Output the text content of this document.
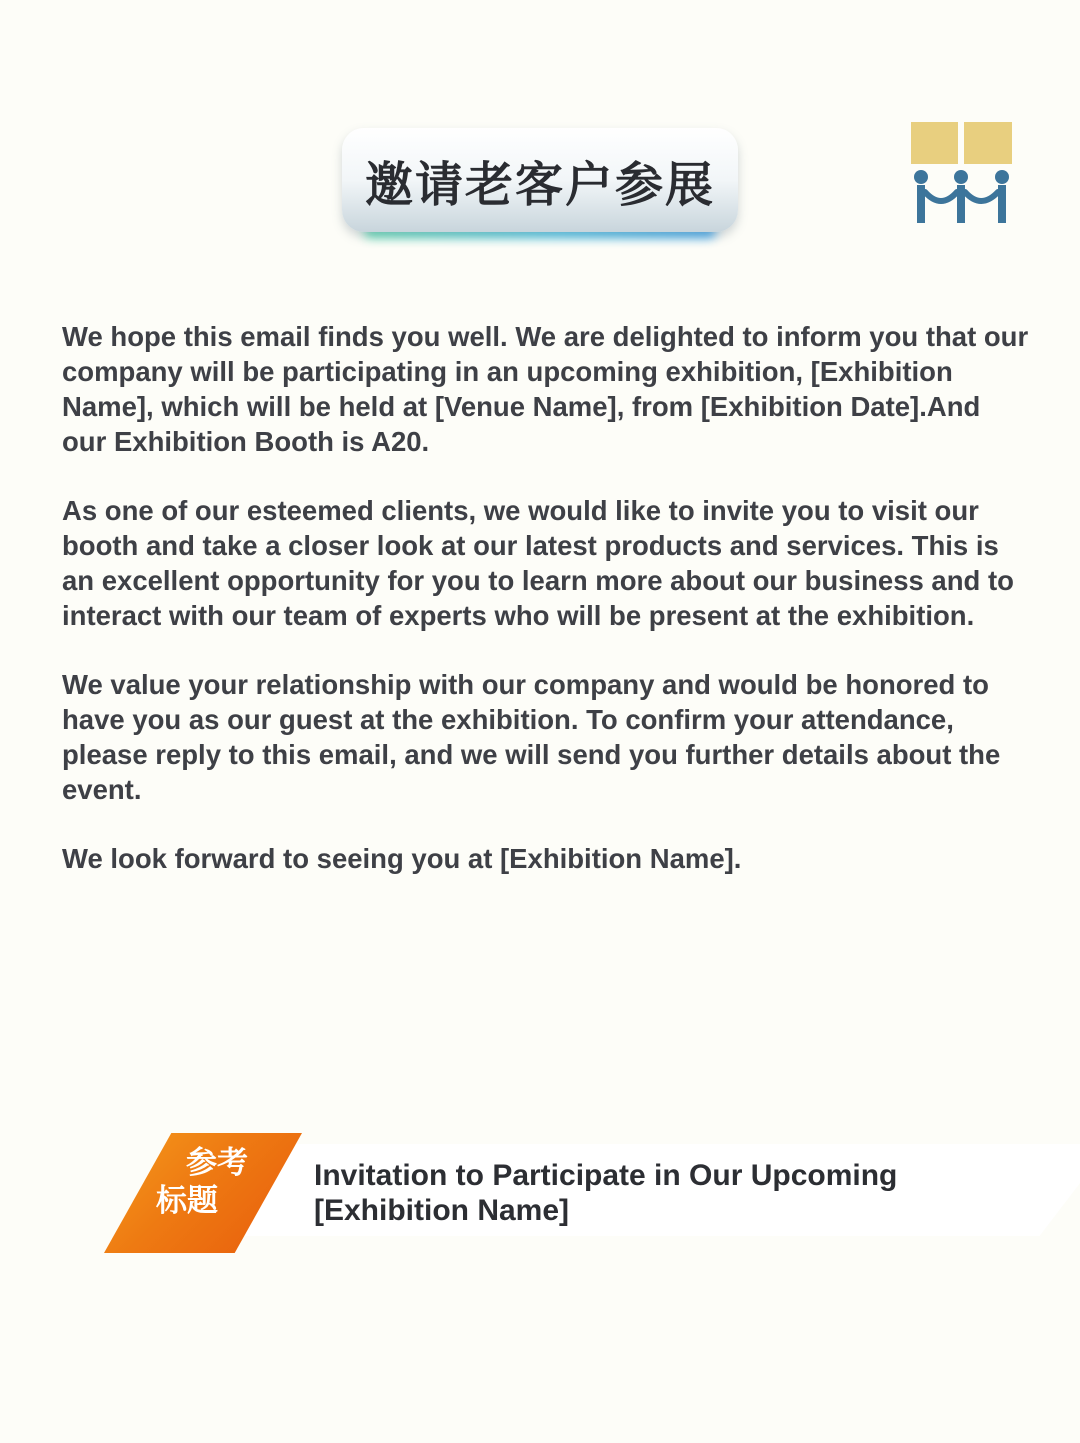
邀请老客户参展

We hope this email finds you well. We are delighted to inform you that our company will be participating in an upcoming exhibition, [Exhibition Name], which will be held at [Venue Name], from [Exhibition Date].And our Exhibition Booth is A20.

As one of our esteemed clients, we would like to invite you to visit our booth and take a closer look at our latest products and services. This is an excellent opportunity for you to learn more about our business and to interact with our team of experts who will be present at the exhibition.

We value your relationship with our company and would be honored to have you as our guest at the exhibition. To confirm your attendance, please reply to this email, and we will send you further details about the event.

We look forward to seeing you at [Exhibition Name].

参考
标题
Invitation to Participate in Our Upcoming [Exhibition Name]
